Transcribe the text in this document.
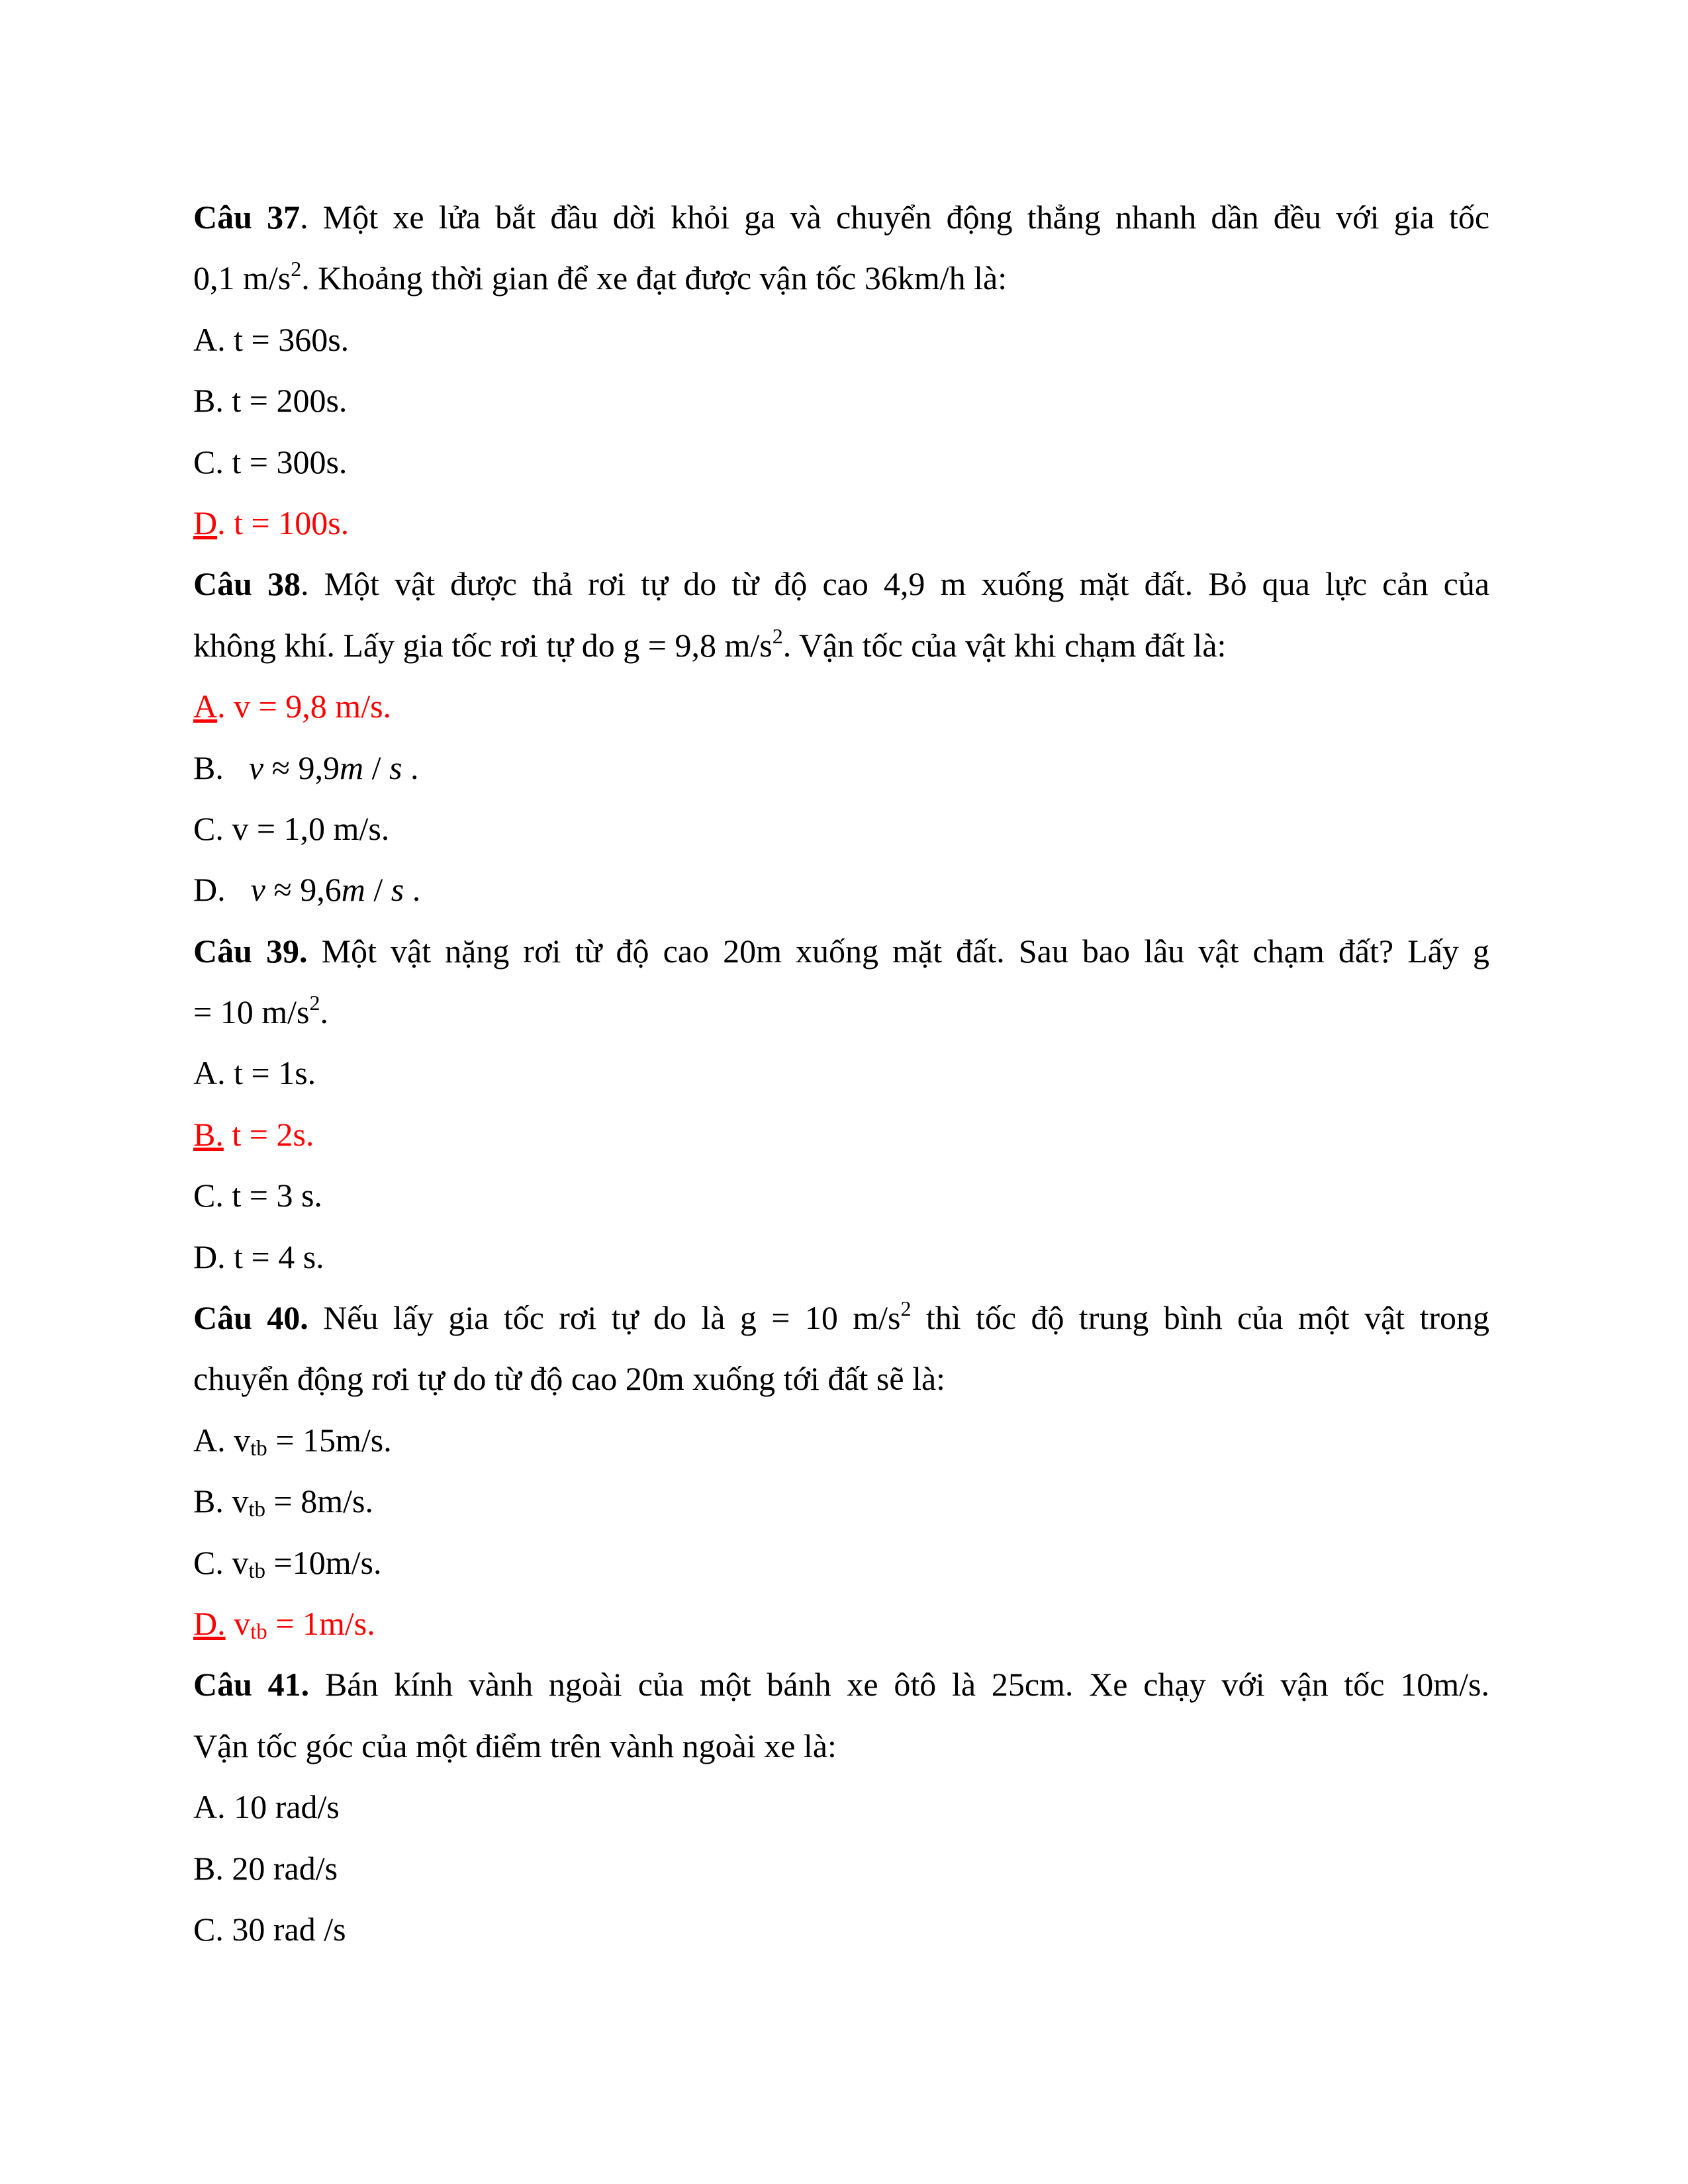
Câu 37. Một xe lửa bắt đầu dời khỏi ga và chuyển động thẳng nhanh dần đều với gia tốc
0,1 $m/s^2$. Khoảng thời gian để xe đạt được vận tốc 36km/h là:
A. t = 360s.
B. t = 200s.
C. t = 300s.
D. t = 100s.
Câu 38. Một vật được thả rơi tự do từ độ cao 4,9 m xuống mặt đất. Bỏ qua lực cản của
không khí. Lấy gia tốc rơi tự do g = 9,8 $m/s^2$. Vận tốc của vật khi chạm đất là:
A. v = 9,8 m/s.
B. v ≈ 9,9m / s .
C. v = 1,0 m/s.
D. v ≈ 9,6m / s .
Câu 39. Một vật nặng rơi từ độ cao 20m xuống mặt đất. Sau bao lâu vật chạm đất? Lấy g
= 10 $m/s^2$.
A. t = 1s.
B. t = 2s.
C. t = 3 s.
D. t = 4 s.
Câu 40. Nếu lấy gia tốc rơi tự do là g = 10 $m/s^2$ thì tốc độ trung bình của một vật trong
chuyển động rơi tự do từ độ cao 20m xuống tới đất sẽ là:
A. vtb = 15m/s.
B. vtb = 8m/s.
C. vtb =10m/s.
D. vtb = 1m/s.
Câu 41. Bán kính vành ngoài của một bánh xe ôtô là 25cm. Xe chạy với vận tốc 10m/s.
Vận tốc góc của một điểm trên vành ngoài xe là:
A. 10 rad/s
B. 20 rad/s
C. 30 rad /s
